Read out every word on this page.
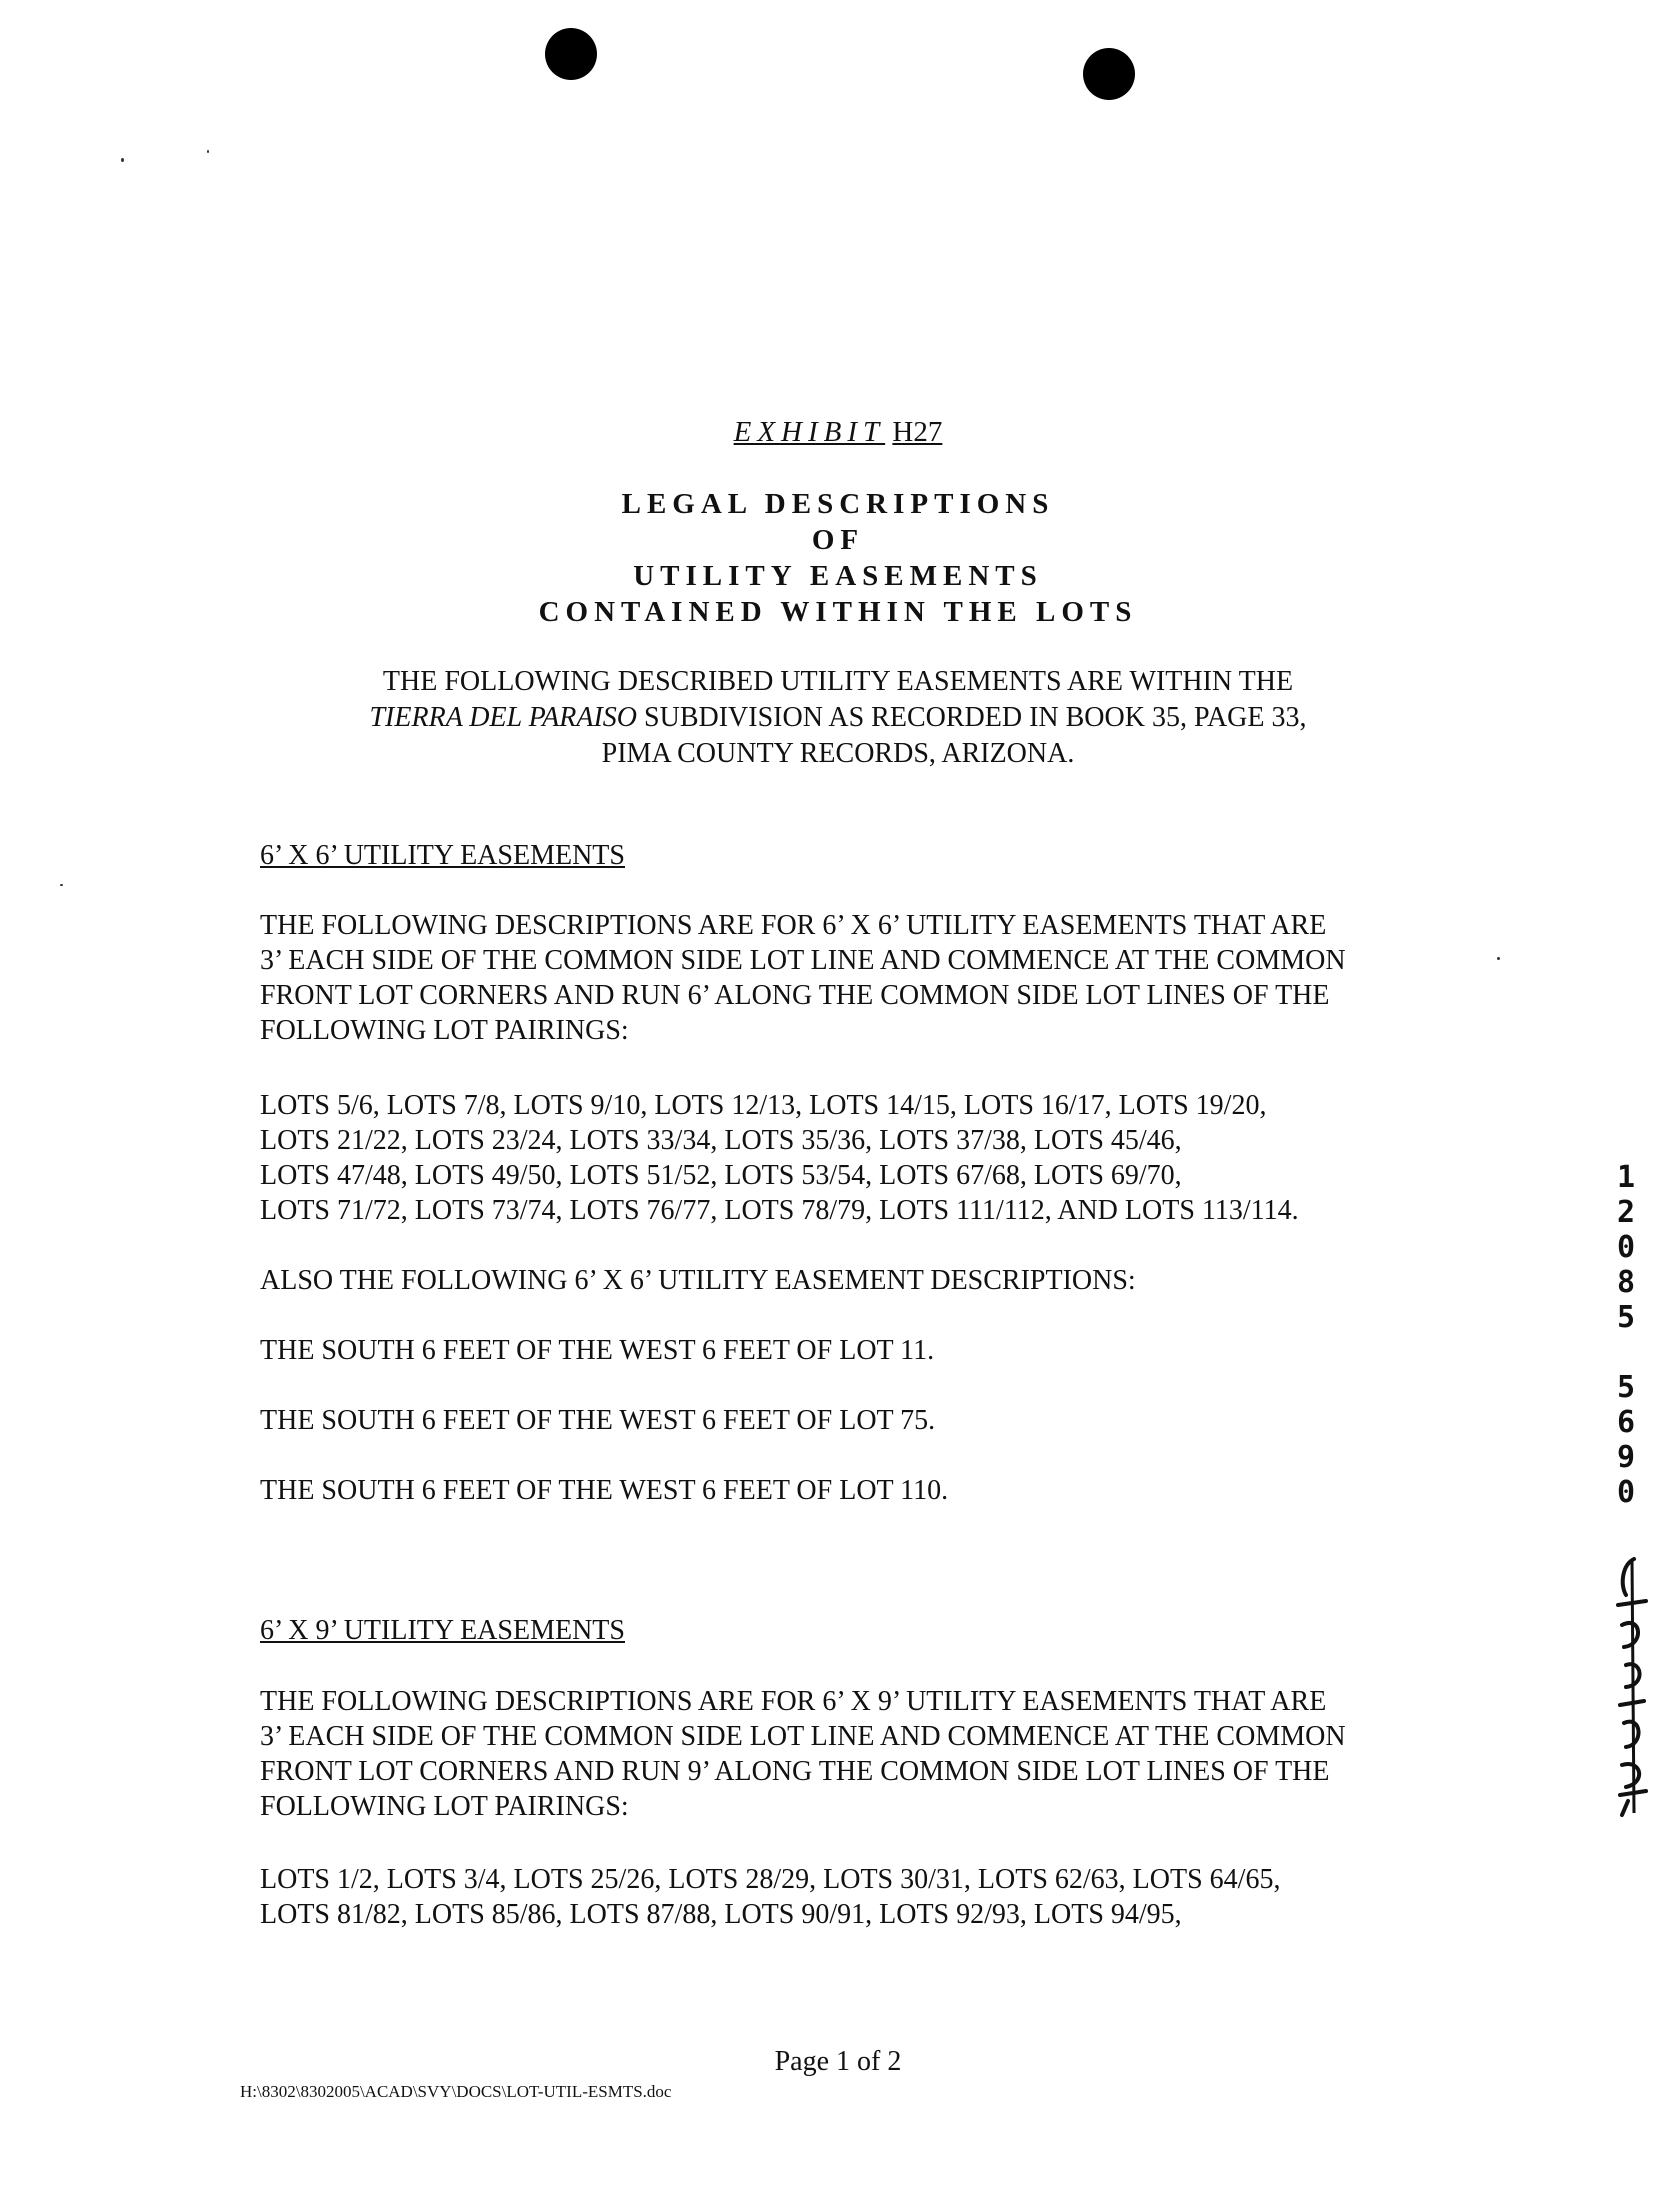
EXHIBIT H27
LEGAL DESCRIPTIONS
OF
UTILITY EASEMENTS
CONTAINED WITHIN THE LOTS
THE FOLLOWING DESCRIBED UTILITY EASEMENTS ARE WITHIN THE
TIERRA DEL PARAISO SUBDIVISION AS RECORDED IN BOOK 35, PAGE 33,
PIMA COUNTY RECORDS, ARIZONA.
6’ X 6’ UTILITY EASEMENTS
THE FOLLOWING DESCRIPTIONS ARE FOR 6’ X 6’ UTILITY EASEMENTS THAT ARE
3’ EACH SIDE OF THE COMMON SIDE LOT LINE AND COMMENCE AT THE COMMON
FRONT LOT CORNERS AND RUN 6’ ALONG THE COMMON SIDE LOT LINES OF THE
FOLLOWING LOT PAIRINGS:
LOTS 5/6, LOTS 7/8, LOTS 9/10, LOTS 12/13, LOTS 14/15, LOTS 16/17, LOTS 19/20,
LOTS 21/22, LOTS 23/24, LOTS 33/34, LOTS 35/36, LOTS 37/38, LOTS 45/46,
LOTS 47/48, LOTS 49/50, LOTS 51/52, LOTS 53/54, LOTS 67/68, LOTS 69/70,
LOTS 71/72, LOTS 73/74, LOTS 76/77, LOTS 78/79, LOTS 111/112, AND LOTS 113/114.
ALSO THE FOLLOWING 6’ X 6’ UTILITY EASEMENT DESCRIPTIONS:
THE SOUTH 6 FEET OF THE WEST 6 FEET OF LOT 11.
THE SOUTH 6 FEET OF THE WEST 6 FEET OF LOT 75.
THE SOUTH 6 FEET OF THE WEST 6 FEET OF LOT 110.
6’ X 9’ UTILITY EASEMENTS
THE FOLLOWING DESCRIPTIONS ARE FOR 6’ X 9’ UTILITY EASEMENTS THAT ARE
3’ EACH SIDE OF THE COMMON SIDE LOT LINE AND COMMENCE AT THE COMMON
FRONT LOT CORNERS AND RUN 9’ ALONG THE COMMON SIDE LOT LINES OF THE
FOLLOWING LOT PAIRINGS:
LOTS 1/2, LOTS 3/4, LOTS 25/26, LOTS 28/29, LOTS 30/31, LOTS 62/63, LOTS 64/65,
LOTS 81/82, LOTS 85/86, LOTS 87/88, LOTS 90/91, LOTS 92/93, LOTS 94/95,
1
2
0
8
5
5
6
9
0
Page 1 of 2
H:\8302\8302005\ACAD\SVY\DOCS\LOT-UTIL-ESMTS.doc
